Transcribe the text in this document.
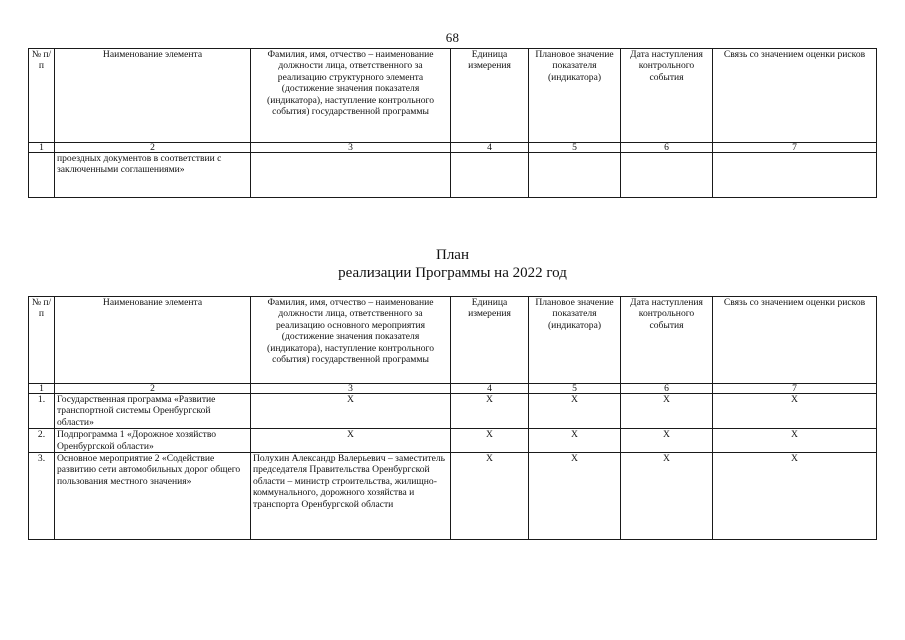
68
№ п/п	Наименование элемента	Фамилия, имя, отчество – наименование должности лица, ответственного за реализацию структурного элемента (достижение значения показателя (индикатора), наступление контрольного события) государственной программы	Единица измерения	Плановое значение показателя (индикатора)	Дата наступления контрольного события	Связь со значением оценки рисков
1	2	3	4	5	6	7
	проездных документов в соответствии с заключенными соглашениями»					
План
реализации Программы на 2022 год
№ п/п	Наименование элемента	Фамилия, имя, отчество – наименование должности лица, ответственного за реализацию основного мероприятия (достижение значения показателя (индикатора), наступление контрольного события) государственной программы	Единица измерения	Плановое значение показателя (индикатора)	Дата наступления контрольного события	Связь со значением оценки рисков
1	2	3	4	5	6	7
1.	Государственная программа «Развитие транспортной системы Оренбургской области»	X	X	X	X	X
2.	Подпрограмма 1 «Дорожное хозяйство Оренбургской области»	X	X	X	X	X
3.	Основное мероприятие 2 «Содействие развитию сети автомобильных дорог общего пользования местного значения»	Полухин Александр Валерьевич – заместитель председателя Правительства Оренбургской области – министр строительства, жилищно-коммунального, дорожного хозяйства и транспорта Оренбургской области	X	X	X	X
